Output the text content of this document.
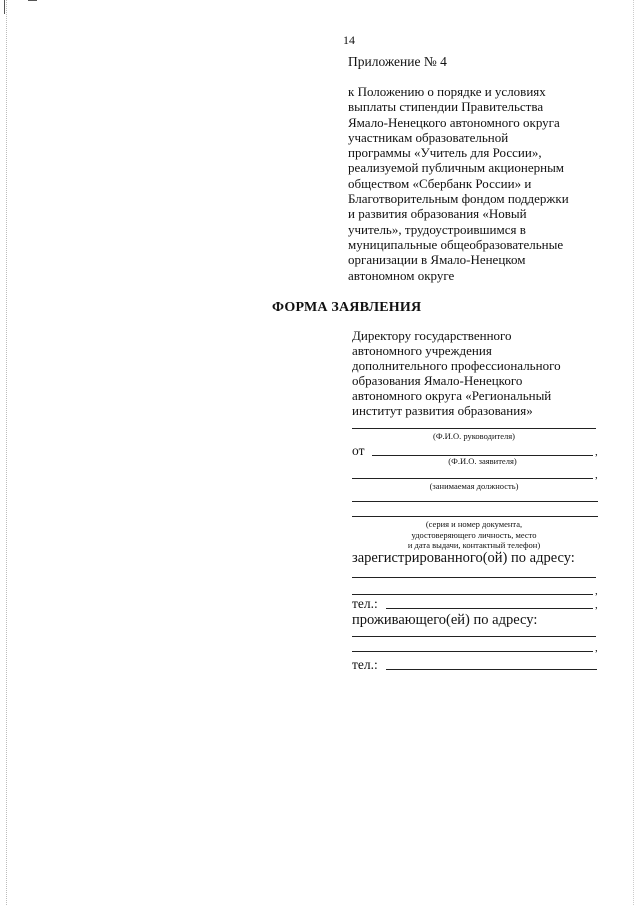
14
Приложение № 4
к Положению о порядке и условиях
выплаты стипендии Правительства
Ямало-Ненецкого автономного округа
участникам образовательной
программы «Учитель для России»,
реализуемой публичным акционерным
обществом «Сбербанк России» и
Благотворительным фондом поддержки
и развития образования «Новый
учитель», трудоустроившимся в
муниципальные общеобразовательные
организации в Ямало-Ненецком
автономном округе
ФОРМА ЗАЯВЛЕНИЯ
Директору государственного
автономного учреждения
дополнительного профессионального
образования Ямало-Ненецкого
автономного округа «Региональный
институт развития образования»
(Ф.И.О. руководителя)
от	,
(Ф.И.О. заявителя)
,
(занимаемая должность)
(серия и номер документа,
удостоверяющего личность, место
и дата выдачи, контактный телефон)
зарегистрированного(ой) по адресу:
,
тел.:	,
проживающего(ей) по адресу:
,
тел.:
